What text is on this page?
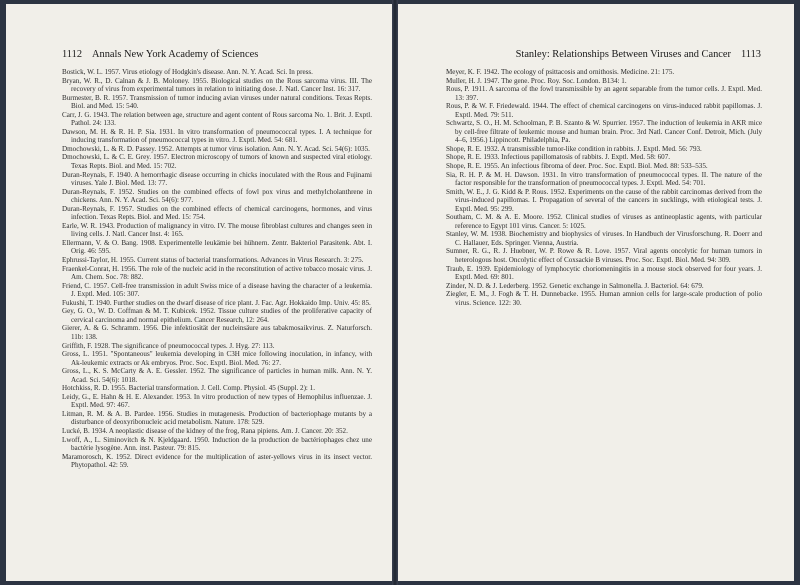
1112 Annals New York Academy of Sciences

Bostick, W. L. 1957. Virus etiology of Hodgkin's disease. Ann. N. Y. Acad. Sci. In press.

Bryan, W. R., D. Calnan & J. B. Moloney. 1955. Biological studies on the Rous sarcoma virus. III. The recovery of virus from experimental tumors in relation to initiating dose. J. Natl. Cancer Inst. 16: 317.

Burmester, B. R. 1957. Transmission of tumor inducing avian viruses under natural conditions. Texas Repts. Biol. and Med. 15: 540.

Carr, J. G. 1943. The relation between age, structure and agent content of Rous sarcoma No. 1. Brit. J. Exptl. Pathol. 24: 133.

Dawson, M. H. & R. H. P. Sia. 1931. In vitro transformation of pneumococcal types. I. A technique for inducing transformation of pneumococcal types in vitro. J. Exptl. Med. 54: 681.

Dmochowski, L. & R. D. Passey. 1952. Attempts at tumor virus isolation. Ann. N. Y. Acad. Sci. 54(6): 1035.

Dmochowski, L. & C. E. Grey. 1957. Electron microscopy of tumors of known and suspected viral etiology. Texas Repts. Biol. and Med. 15: 702.

Duran-Reynals, F. 1940. A hemorrhagic disease occurring in chicks inoculated with the Rous and Fujinami viruses. Yale J. Biol. Med. 13: 77.

Duran-Reynals, F. 1952. Studies on the combined effects of fowl pox virus and methylcholanthrene in chickens. Ann. N. Y. Acad. Sci. 54(6): 977.

Duran-Reynals, F. 1957. Studies on the combined effects of chemical carcinogens, hormones, and virus infection. Texas Repts. Biol. and Med. 15: 754.

Earle, W. R. 1943. Production of malignancy in vitro. IV. The mouse fibroblast cultures and changes seen in living cells. J. Natl. Cancer Inst. 4: 165.

Ellermann, V. & O. Bang. 1908. Experimentelle leukämie bei hühnern. Zentr. Bakteriol Parasitenk. Abt. I. Orig. 46: 595.

Ephrussi-Taylor, H. 1955. Current status of bacterial transformations. Advances in Virus Research. 3: 275.

Fraenkel-Conrat, H. 1956. The role of the nucleic acid in the reconstitution of active tobacco mosaic virus. J. Am. Chem. Soc. 78: 882.

Friend, C. 1957. Cell-free transmission in adult Swiss mice of a disease having the character of a leukemia. J. Exptl. Med. 105: 307.

Fukushi, T. 1940. Further studies on the dwarf disease of rice plant. J. Fac. Agr. Hokkaido Imp. Univ. 45: 85.

Gey, G. O., W. D. Coffman & M. T. Kubicek. 1952. Tissue culture studies of the proliferative capacity of cervical carcinoma and normal epithelium. Cancer Research, 12: 264.

Gierer, A. & G. Schramm. 1956. Die infektiosität der nucleinsäure aus tabakmosaikvirus. Z. Naturforsch. 11b: 138.

Griffith, F. 1928. The significance of pneumococcal types. J. Hyg. 27: 113.

Gross, L. 1951. "Spontaneous" leukemia developing in C3H mice following inoculation, in infancy, with Ak-leukemic extracts or Ak embryos. Proc. Soc. Exptl. Biol. Med. 76: 27.

Gross, L., K. S. McCarty & A. E. Gessler. 1952. The significance of particles in human milk. Ann. N. Y. Acad. Sci. 54(6): 1018.

Hotchkiss, R. D. 1955. Bacterial transformation. J. Cell. Comp. Physiol. 45 (Suppl. 2): 1.

Leidy, G., E. Hahn & H. E. Alexander. 1953. In vitro production of new types of Hemophilus influenzae. J. Exptl. Med. 97: 467.

Litman, R. M. & A. B. Pardee. 1956. Studies in mutagenesis. Production of bacteriophage mutants by a disturbance of deoxyribonucleic acid metabolism. Nature. 178: 529.

Lucké, B. 1934. A neoplastic disease of the kidney of the frog, Rana pipiens. Am. J. Cancer. 20: 352.

Lwoff, A., L. Siminovitch & N. Kjeldgaard. 1950. Induction de la production de bactériophages chez une bactérie lysogène. Ann. inst. Pasteur. 79: 815.

Maramorosch, K. 1952. Direct evidence for the multiplication of aster-yellows virus in its insect vector. Phytopathol. 42: 59.

Stanley: Relationships Between Viruses and Cancer 1113

Meyer, K. F. 1942. The ecology of psittacosis and ornithosis. Medicine. 21: 175.

Muller, H. J. 1947. The gene. Proc. Roy. Soc. London. B134: 1.

Rous, P. 1911. A sarcoma of the fowl transmissible by an agent separable from the tumor cells. J. Exptl. Med. 13: 397.

Rous, P. & W. F. Friedewald. 1944. The effect of chemical carcinogens on virus-induced rabbit papillomas. J. Exptl. Med. 79: 511.

Schwartz, S. O., H. M. Schoolman, P. B. Szanto & W. Spurrier. 1957. The induction of leukemia in AKR mice by cell-free filtrate of leukemic mouse and human brain. Proc. 3rd Natl. Cancer Conf. Detroit, Mich. (July 4–6, 1956.) Lippincott. Philadelphia, Pa.

Shope, R. E. 1932. A transmissible tumor-like condition in rabbits. J. Exptl. Med. 56: 793.

Shope, R. E. 1933. Infectious papillomatosis of rabbits. J. Exptl. Med. 58: 607.

Shope, R. E. 1955. An infectious fibroma of deer. Proc. Soc. Exptl. Biol. Med. 88: 533–535.

Sia, R. H. P. & M. H. Dawson. 1931. In vitro transformation of pneumococcal types. II. The nature of the factor responsible for the transformation of pneumococcal types. J. Exptl. Med. 54: 701.

Smith, W. E., J. G. Kidd & P. Rous. 1952. Experiments on the cause of the rabbit carcinomas derived from the virus-induced papillomas. I. Propagation of several of the cancers in sucklings, with etiological tests. J. Exptl. Med. 95: 299.

Southam, C. M. & A. E. Moore. 1952. Clinical studies of viruses as antineoplastic agents, with particular reference to Egypt 101 virus. Cancer. 5: 1025.

Stanley, W. M. 1938. Biochemistry and biophysics of viruses. In Handbuch der Virusforschung. R. Doerr and C. Hallauer, Eds. Springer. Vienna, Austria.

Sumner, R. G., R. J. Huebner, W. P. Rowe & R. Love. 1957. Viral agents oncolytic for human tumors in heterologous host. Oncolytic effect of Coxsackie B viruses. Proc. Soc. Exptl. Biol. Med. 94: 309.

Traub, E. 1939. Epidemiology of lymphocytic choriomeningitis in a mouse stock observed for four years. J. Exptl. Med. 69: 801.

Zinder, N. D. & J. Lederberg. 1952. Genetic exchange in Salmonella. J. Bacteriol. 64: 679.

Ziegler, E. M., J. Fogh & T. H. Dunnebacke. 1955. Human amnion cells for large-scale production of polio virus. Science. 122: 30.
